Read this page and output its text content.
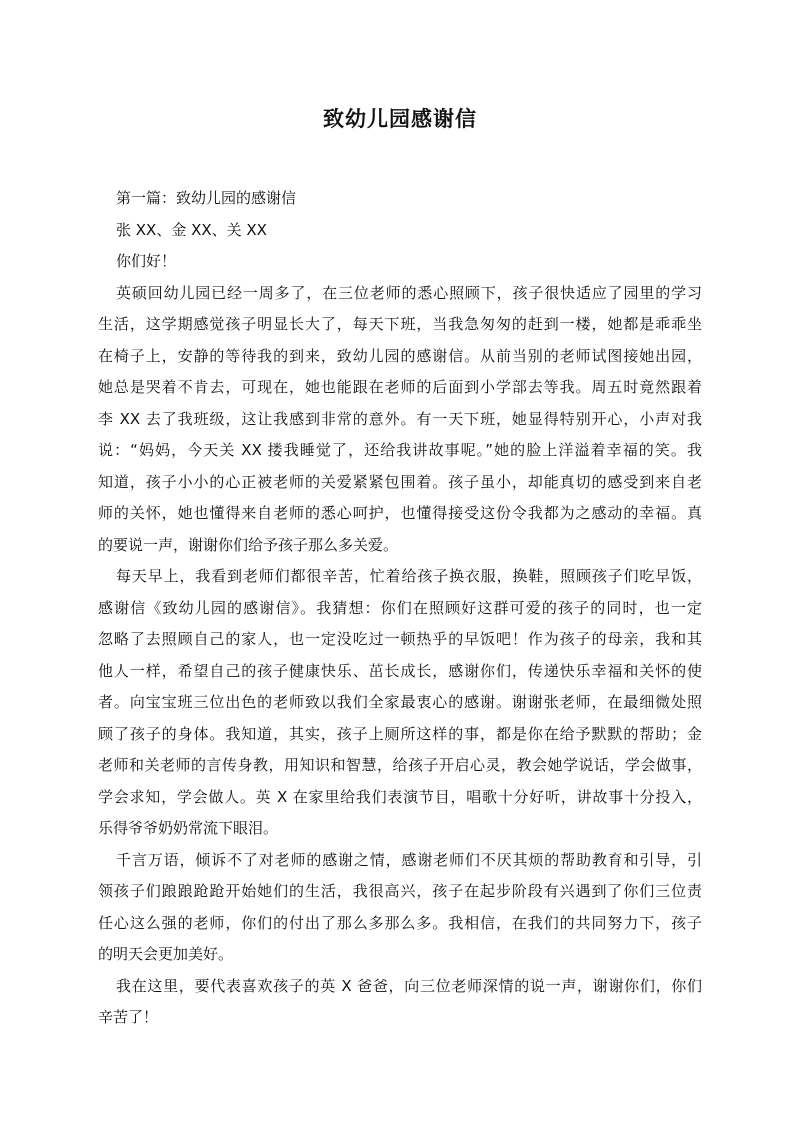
致幼儿园感谢信
第一篇：致幼儿园的感谢信
张 XX、金 XX、关 XX
你们好！
英硕回幼儿园已经一周多了，在三位老师的悉心照顾下，孩子很快适应了园里的学习
生活，这学期感觉孩子明显长大了，每天下班，当我急匆匆的赶到一楼，她都是乖乖坐
在椅子上，安静的等待我的到来，致幼儿园的感谢信。从前当别的老师试图接她出园，
她总是哭着不肯去，可现在，她也能跟在老师的后面到小学部去等我。周五时竟然跟着
李 XX 去了我班级，这让我感到非常的意外。有一天下班，她显得特别开心，小声对我
说：“妈妈，今天关 XX 搂我睡觉了，还给我讲故事呢。”她的脸上洋溢着幸福的笑。我
知道，孩子小小的心正被老师的关爱紧紧包围着。孩子虽小，却能真切的感受到来自老
师的关怀，她也懂得来自老师的悉心呵护，也懂得接受这份令我都为之感动的幸福。真
的要说一声，谢谢你们给予孩子那么多关爱。
每天早上，我看到老师们都很辛苦，忙着给孩子换衣服，换鞋，照顾孩子们吃早饭，
感谢信《致幼儿园的感谢信》。我猜想：你们在照顾好这群可爱的孩子的同时，也一定
忽略了去照顾自己的家人，也一定没吃过一顿热乎的早饭吧！作为孩子的母亲，我和其
他人一样，希望自己的孩子健康快乐、茁长成长，感谢你们，传递快乐幸福和关怀的使
者。向宝宝班三位出色的老师致以我们全家最衷心的感谢。谢谢张老师，在最细微处照
顾了孩子的身体。我知道，其实，孩子上厕所这样的事，都是你在给予默默的帮助；金
老师和关老师的言传身教，用知识和智慧，给孩子开启心灵，教会她学说话，学会做事，
学会求知，学会做人。英 X 在家里给我们表演节目，唱歌十分好听，讲故事十分投入，
乐得爷爷奶奶常流下眼泪。
千言万语，倾诉不了对老师的感谢之情，感谢老师们不厌其烦的帮助教育和引导，引
领孩子们踉踉跄跄开始她们的生活，我很高兴，孩子在起步阶段有兴遇到了你们三位责
任心这么强的老师，你们的付出了那么多那么多。我相信，在我们的共同努力下，孩子
的明天会更加美好。
我在这里，要代表喜欢孩子的英 X 爸爸，向三位老师深情的说一声，谢谢你们，你们
辛苦了！
